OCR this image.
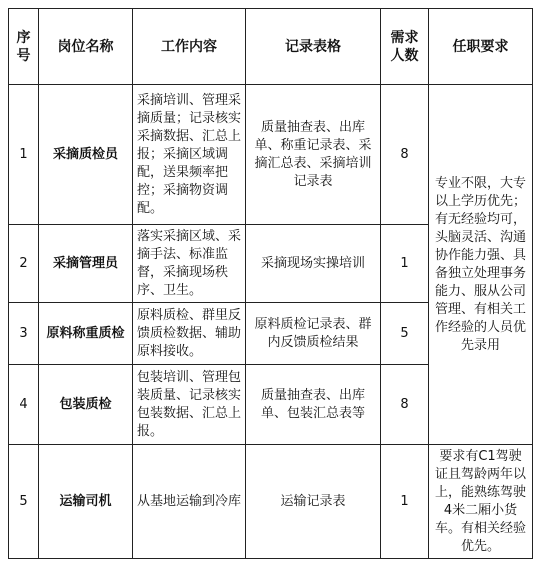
序号	岗位名称	工作内容	记录表格	需求人数	任职要求
1	采摘质检员	采摘培训、管理采摘质量；记录核实采摘数据、汇总上报；采摘区域调配，送果频率把控；采摘物资调配。	质量抽查表、出库单、称重记录表、采摘汇总表、采摘培训记录表	8	专业不限，大专以上学历优先；有无经验均可，头脑灵活、沟通协作能力强、具备独立处理事务能力、服从公司管理、有相关工作经验的人员优先录用
2	采摘管理员	落实采摘区域、采摘手法、标准监督，采摘现场秩序、卫生。	采摘现场实操培训	1	
3	原料称重质检	原料质检、群里反馈质检数据、辅助原料接收。	原料质检记录表、群内反馈质检结果	5	
4	包装质检	包装培训、管理包装质量、记录核实包装数据、汇总上报。	质量抽查表、出库单、包装汇总表等	8	
5	运输司机	从基地运输到冷库	运输记录表	1	要求有C1驾驶证且驾龄两年以上，能熟练驾驶4米二厢小货车。有相关经验优先。
